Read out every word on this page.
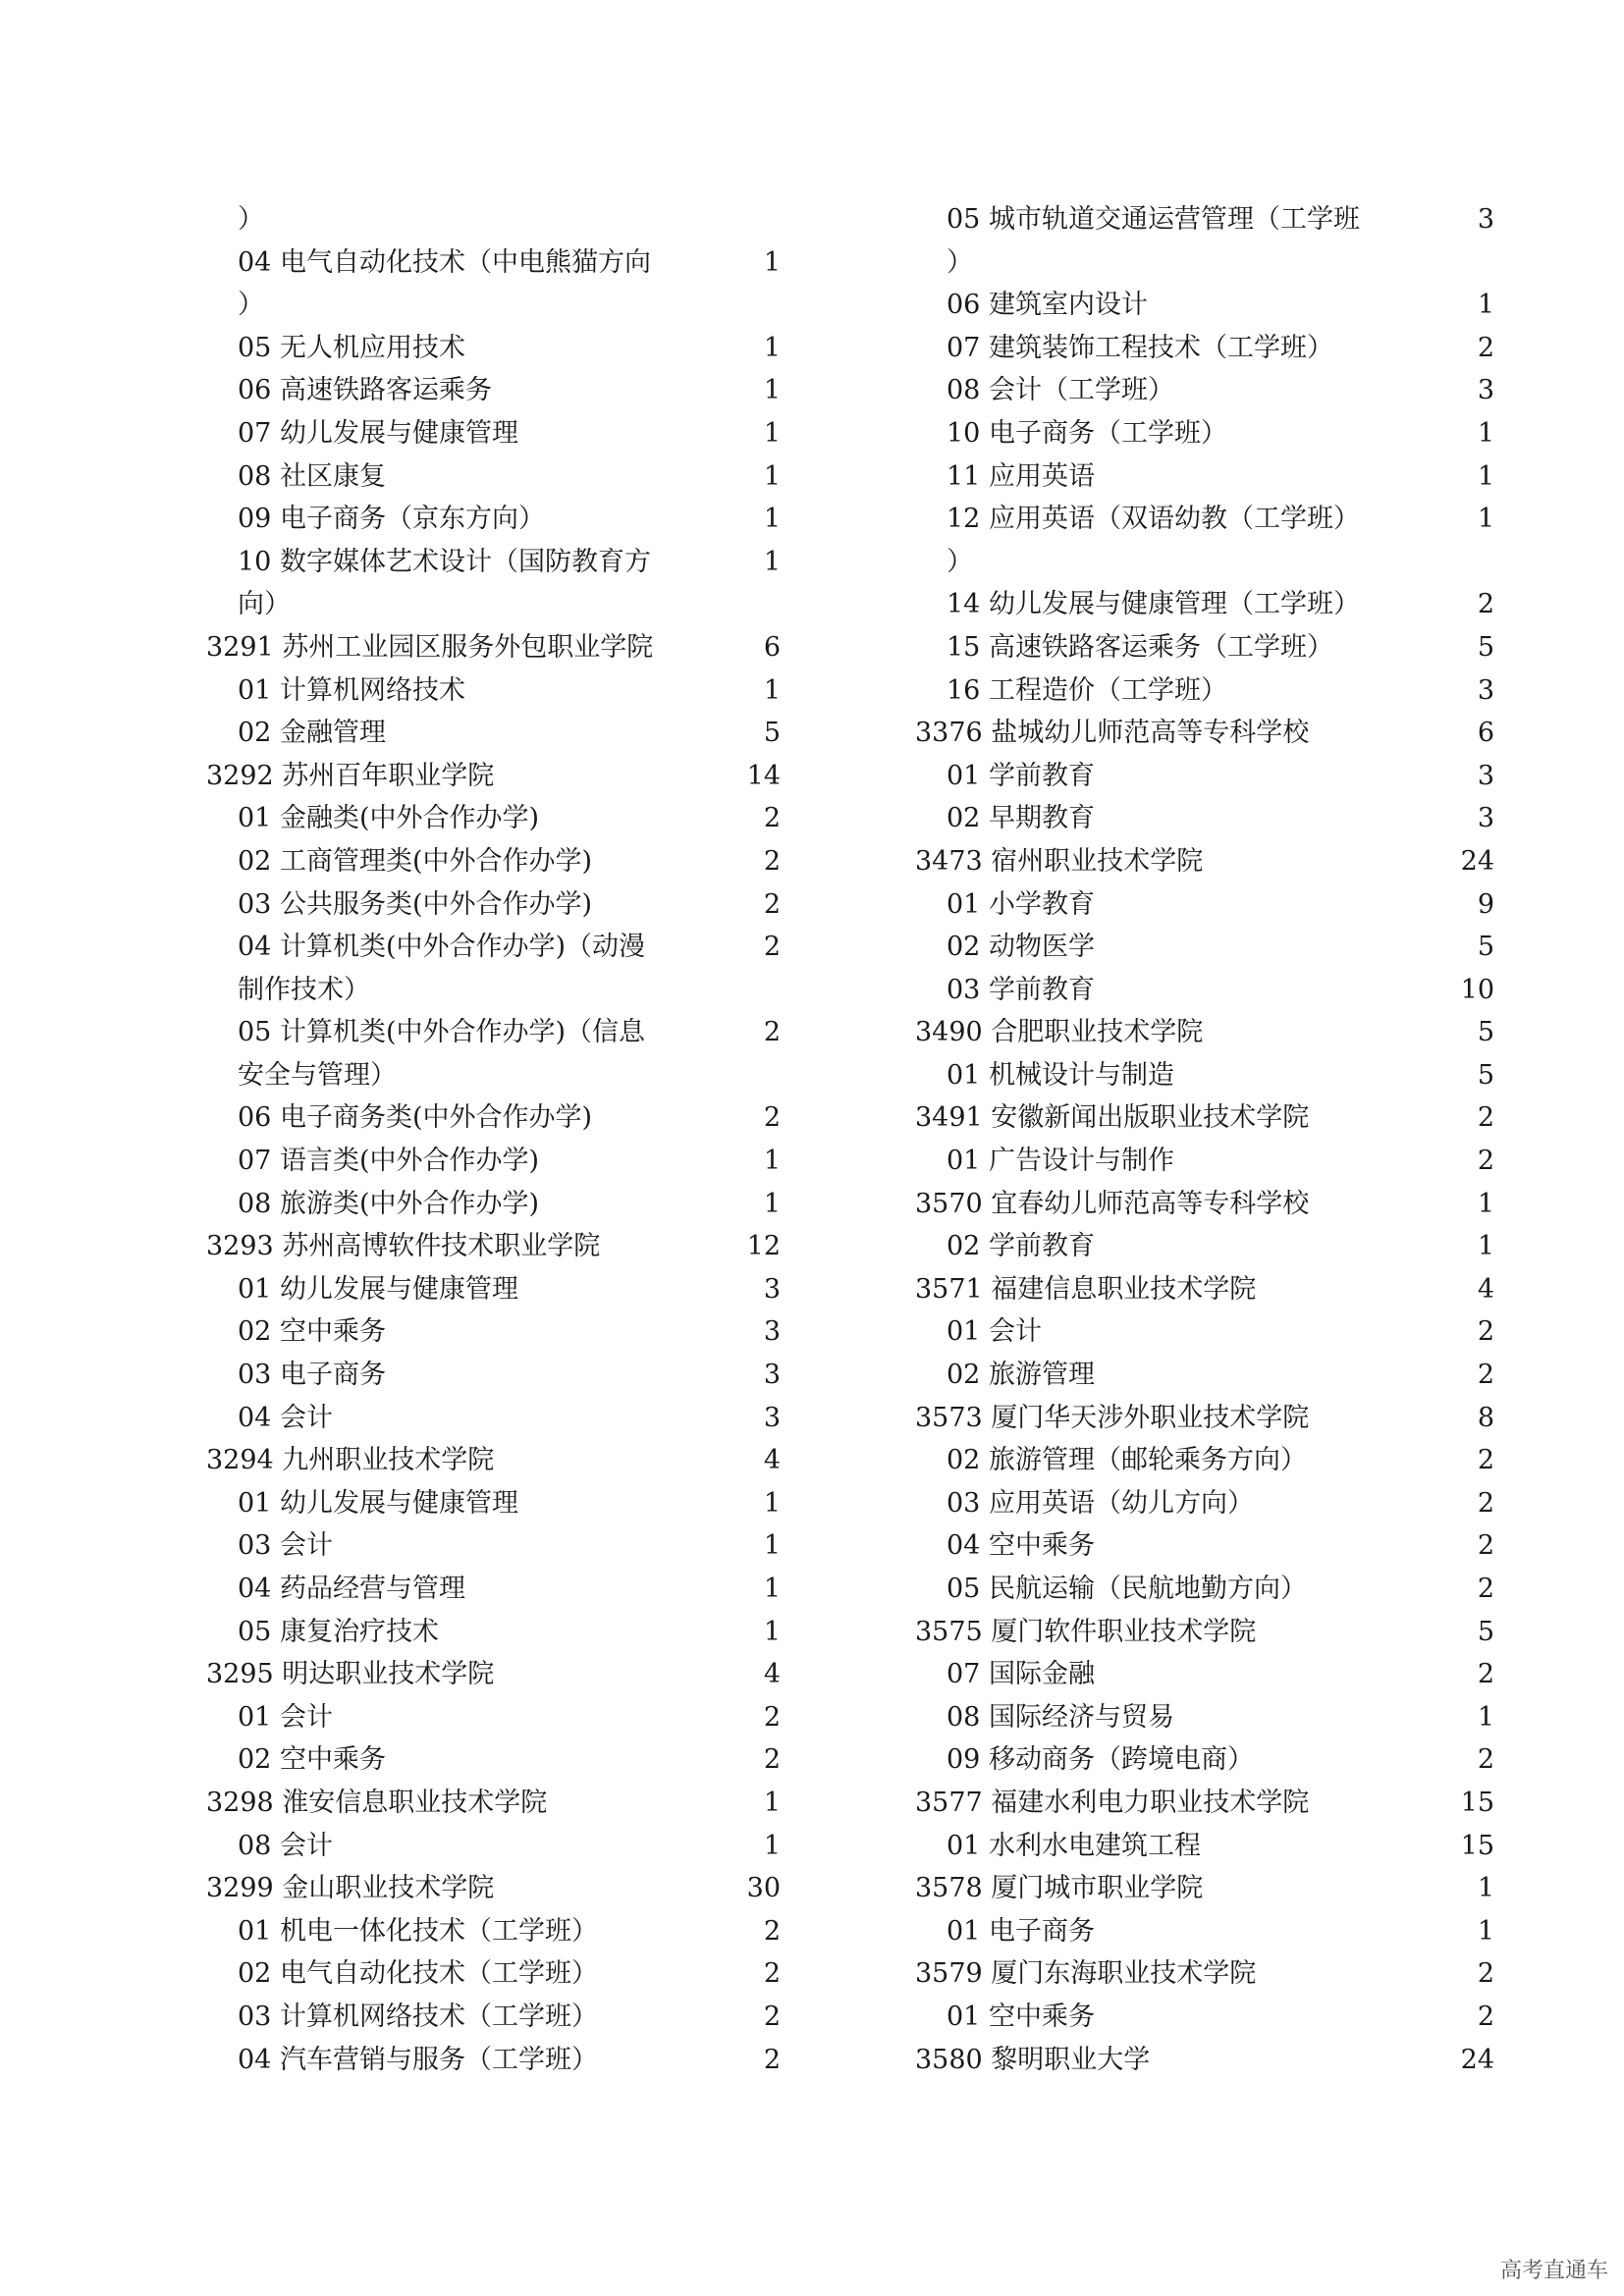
）
04 电气自动化技术（中电熊猫方向	1
）
05 无人机应用技术	1
06 高速铁路客运乘务	1
07 幼儿发展与健康管理	1
08 社区康复	1
09 电子商务（京东方向）	1
10 数字媒体艺术设计（国防教育方	1
向）
3291 苏州工业园区服务外包职业学院	6
01 计算机网络技术	1
02 金融管理	5
3292 苏州百年职业学院	14
01 金融类(中外合作办学)	2
02 工商管理类(中外合作办学)	2
03 公共服务类(中外合作办学)	2
04 计算机类(中外合作办学)（动漫	2
制作技术）
05 计算机类(中外合作办学)（信息	2
安全与管理）
06 电子商务类(中外合作办学)	2
07 语言类(中外合作办学)	1
08 旅游类(中外合作办学)	1
3293 苏州高博软件技术职业学院	12
01 幼儿发展与健康管理	3
02 空中乘务	3
03 电子商务	3
04 会计	3
3294 九州职业技术学院	4
01 幼儿发展与健康管理	1
03 会计	1
04 药品经营与管理	1
05 康复治疗技术	1
3295 明达职业技术学院	4
01 会计	2
02 空中乘务	2
3298 淮安信息职业技术学院	1
08 会计	1
3299 金山职业技术学院	30
01 机电一体化技术（工学班）	2
02 电气自动化技术（工学班）	2
03 计算机网络技术（工学班）	2
04 汽车营销与服务（工学班）	2
05 城市轨道交通运营管理（工学班	3
）
06 建筑室内设计	1
07 建筑装饰工程技术（工学班）	2
08 会计（工学班）	3
10 电子商务（工学班）	1
11 应用英语	1
12 应用英语（双语幼教（工学班）	1
）
14 幼儿发展与健康管理（工学班）	2
15 高速铁路客运乘务（工学班）	5
16 工程造价（工学班）	3
3376 盐城幼儿师范高等专科学校	6
01 学前教育	3
02 早期教育	3
3473 宿州职业技术学院	24
01 小学教育	9
02 动物医学	5
03 学前教育	10
3490 合肥职业技术学院	5
01 机械设计与制造	5
3491 安徽新闻出版职业技术学院	2
01 广告设计与制作	2
3570 宜春幼儿师范高等专科学校	1
02 学前教育	1
3571 福建信息职业技术学院	4
01 会计	2
02 旅游管理	2
3573 厦门华天涉外职业技术学院	8
02 旅游管理（邮轮乘务方向）	2
03 应用英语（幼儿方向）	2
04 空中乘务	2
05 民航运输（民航地勤方向）	2
3575 厦门软件职业技术学院	5
07 国际金融	2
08 国际经济与贸易	1
09 移动商务（跨境电商）	2
3577 福建水利电力职业技术学院	15
01 水利水电建筑工程	15
3578 厦门城市职业学院	1
01 电子商务	1
3579 厦门东海职业技术学院	2
01 空中乘务	2
3580 黎明职业大学	24
高考直通车
